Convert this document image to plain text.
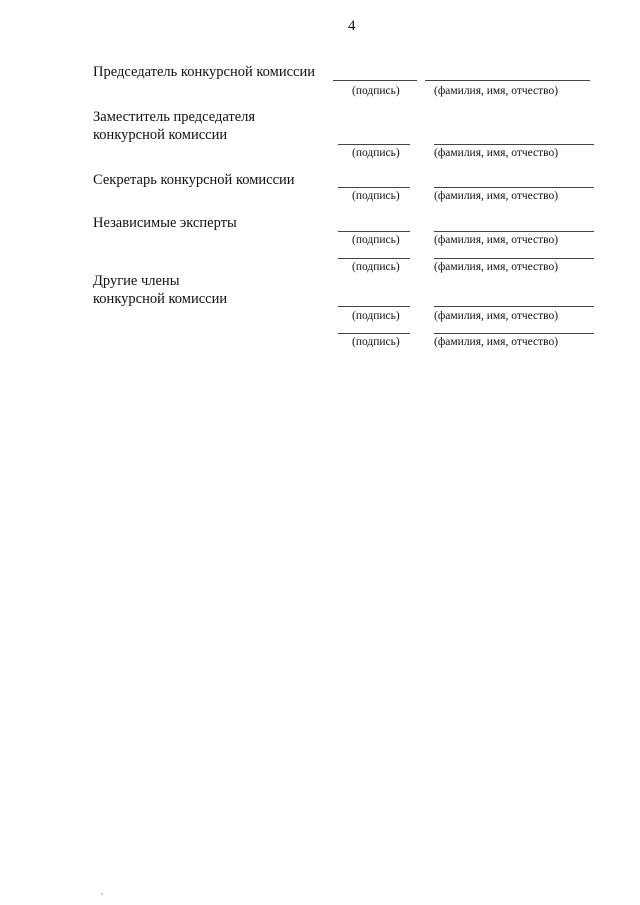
4
Председатель конкурсной комиссии
(подпись)	(фамилия, имя, отчество)
Заместитель председателя
конкурсной комиссии
(подпись)	(фамилия, имя, отчество)
Секретарь конкурсной комиссии
(подпись)	(фамилия, имя, отчество)
Независимые эксперты
(подпись)	(фамилия, имя, отчество)
(подпись)	(фамилия, имя, отчество)
Другие члены
конкурсной комиссии
(подпись)	(фамилия, имя, отчество)
(подпись)	(фамилия, имя, отчество)
